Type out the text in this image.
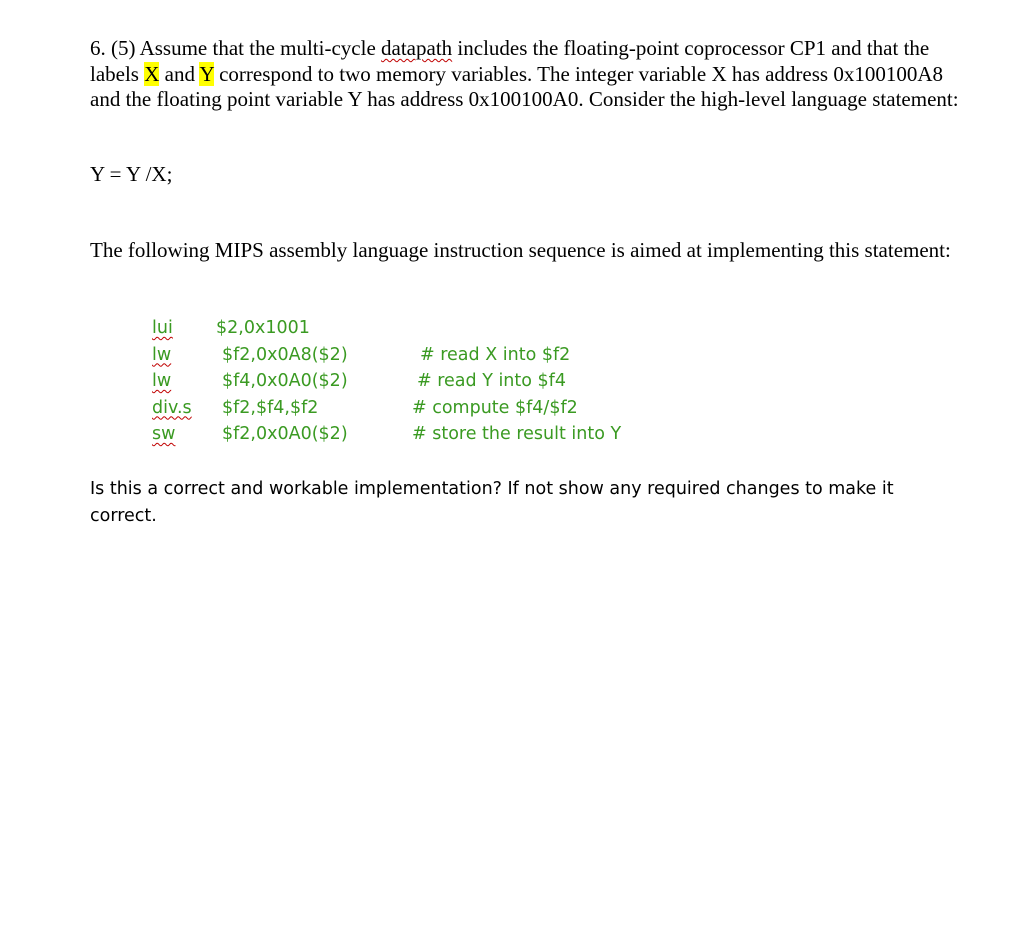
6. (5) Assume that the multi-cycle datapath includes the floating-point coprocessor CP1 and that the labels X and Y correspond to two memory variables. The integer variable X has address 0x100100A8 and the floating point variable Y has address 0x100100A0. Consider the high-level language statement:

Y = Y /X;
The following MIPS assembly language instruction sequence is aimed at implementing this statement:
lui $2,0x1001
lw	$f2,0x0A8($2)	# read X into $f2
lw	$f4,0x0A0($2)	# read Y into $f4
div.s $f2,$f4,$f2	# compute $f4/$f2
sw	$f2,0x0A0($2)	# store the result into Y
Is this a correct and workable implementation? If not show any required changes to make it correct.
